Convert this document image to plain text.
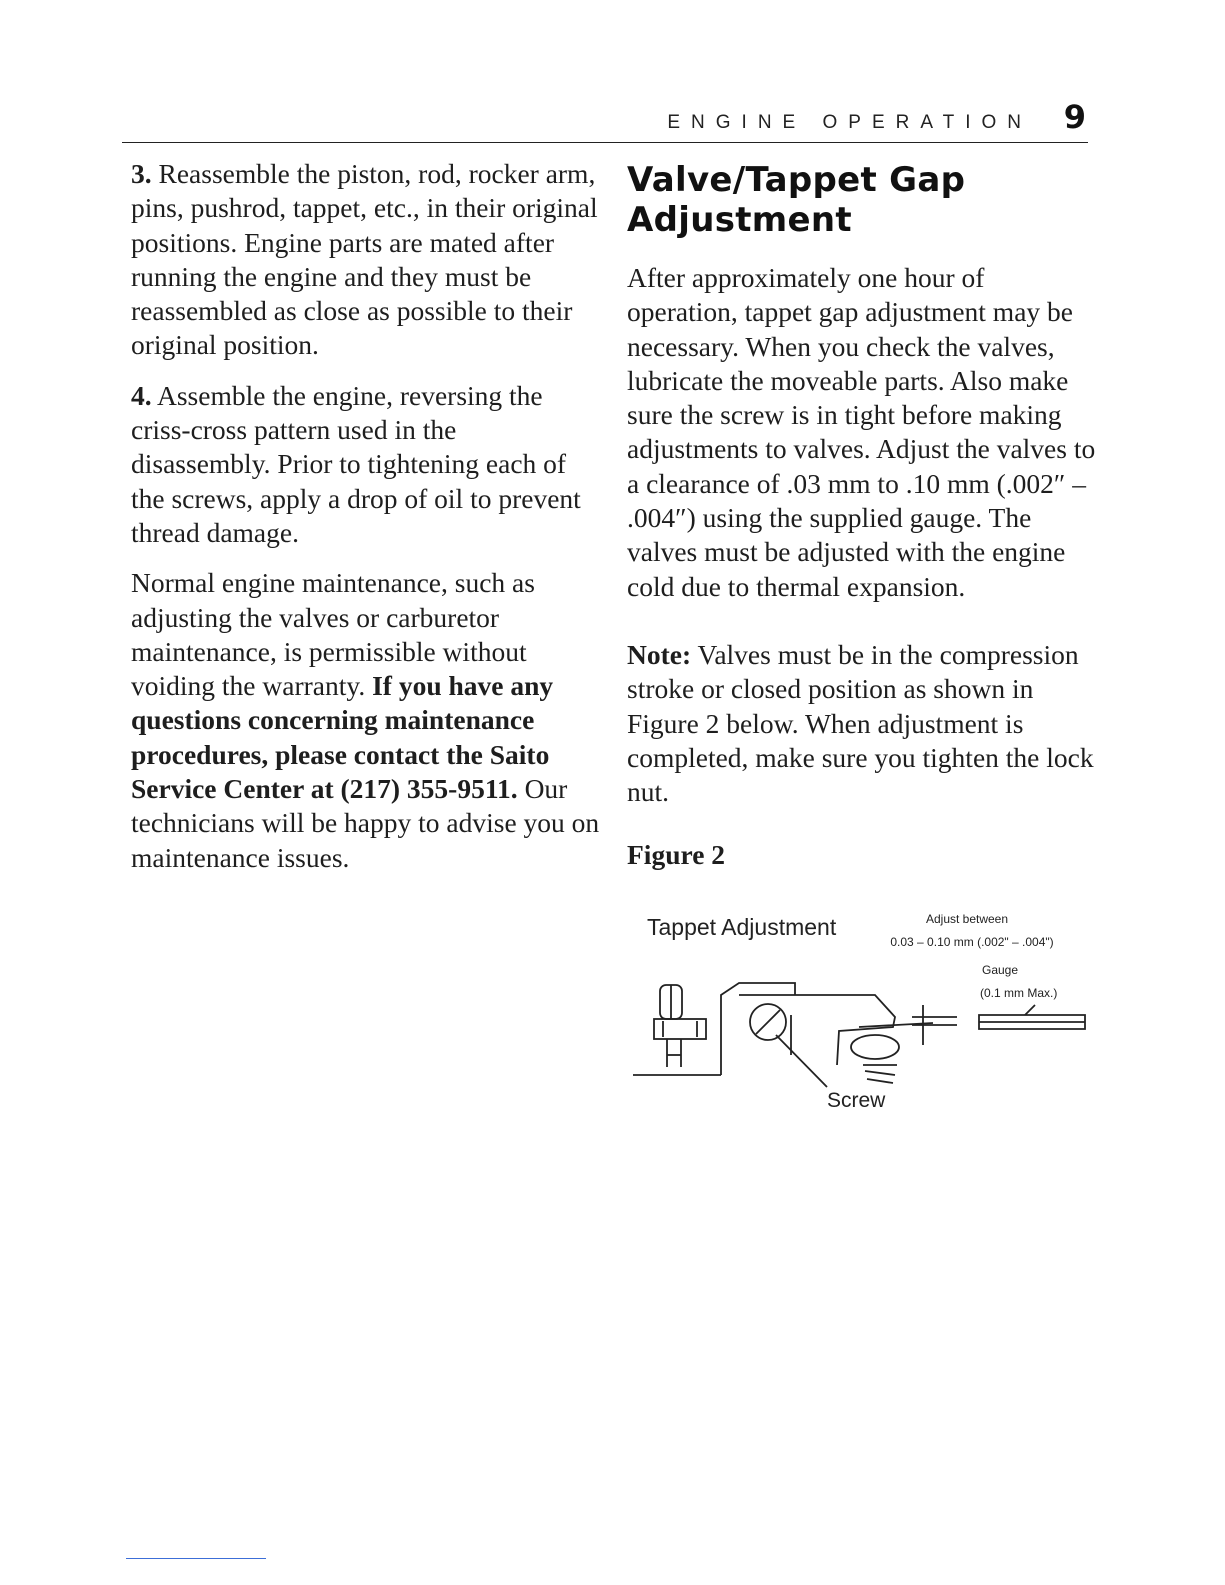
ENGINE OPERATION 9

3. Reassemble the piston, rod, rocker arm, pins, pushrod, tappet, etc., in their original positions. Engine parts are mated after running the engine and they must be reassembled as close as possible to their original position.

4. Assemble the engine, reversing the criss-cross pattern used in the disassembly. Prior to tightening each of the screws, apply a drop of oil to prevent thread damage.

Normal engine maintenance, such as adjusting the valves or carburetor maintenance, is permissible without voiding the warranty. If you have any questions concerning maintenance procedures, please contact the Saito Service Center at (217) 355-9511. Our technicians will be happy to advise you on maintenance issues.

Valve/Tappet Gap
Adjustment

After approximately one hour of operation, tappet gap adjustment may be necessary. When you check the valves, lubricate the moveable parts. Also make sure the screw is in tight before making adjustments to valves. Adjust the valves to a clearance of .03 mm to .10 mm (.002″ – .004″) using the supplied gauge. The valves must be adjusted with the engine cold due to thermal expansion.

Note: Valves must be in the compression stroke or closed position as shown in Figure 2 below. When adjustment is completed, make sure you tighten the lock nut.

Figure 2

Tappet Adjustment	Adjust between
0.03 – 0.10 mm (.002" – .004")
Gauge
(0.1 mm Max.)
Screw
